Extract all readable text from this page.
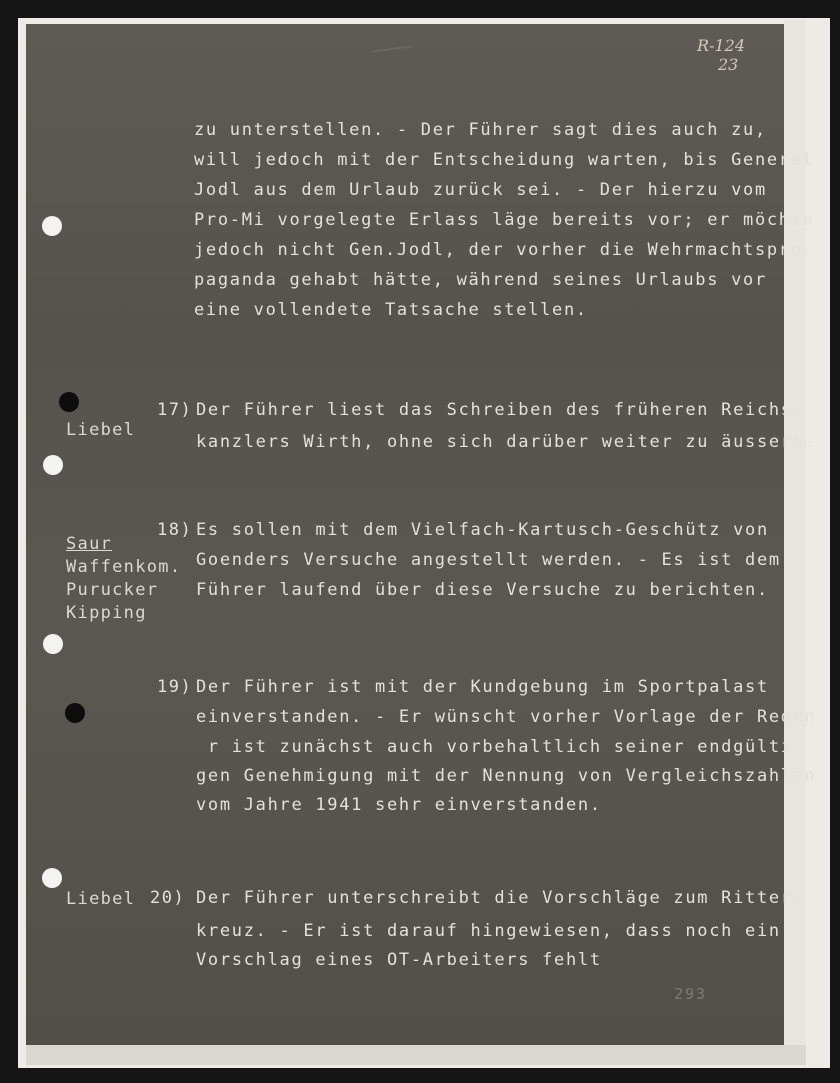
R-124
23

zu unterstellen. - Der Führer sagt dies auch zu,

will jedoch mit der Entscheidung warten, bis General

Jodl aus dem Urlaub zurück sei. - Der hierzu vom

Pro-Mi vorgelegte Erlass läge bereits vor; er möchte

jedoch nicht Gen.Jodl, der vorher die Wehrmachtspro-

paganda gehabt hätte, während seines Urlaubs vor

eine vollendete Tatsache stellen.

Liebel
17)

Der Führer liest das Schreiben des früheren Reichs-

kanzlers Wirth, ohne sich darüber weiter zu äussern.

Saur
Waffenkom.
Purucker
Kipping
18)

Es sollen mit dem Vielfach-Kartusch-Geschütz von

Goenders Versuche angestellt werden. - Es ist dem

Führer laufend über diese Versuche zu berichten.

19)

Der Führer ist mit der Kundgebung im Sportpalast

einverstanden. - Er wünscht vorher Vorlage der Reden

r ist zunächst auch vorbehaltlich seiner endgülti-

gen Genehmigung mit der Nennung von Vergleichszahlen

vom Jahre 1941 sehr einverstanden.

Liebel 20)

Der Führer unterschreibt die Vorschläge zum Ritter-

kreuz. - Er ist darauf hingewiesen, dass noch ein

Vorschlag eines OT-Arbeiters fehlt

293
